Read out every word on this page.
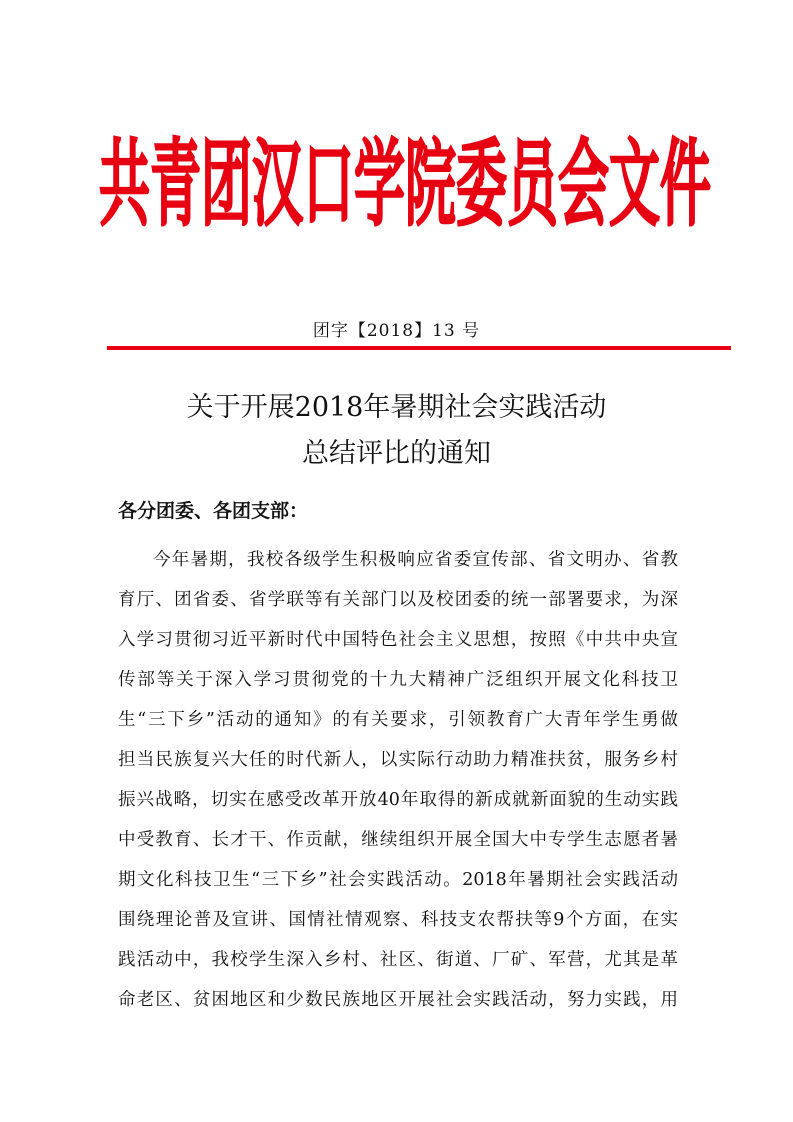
共青团汉口学院委员会文件
团字【2018】13 号
关于开展2018年暑期社会实践活动
总结评比的通知
各分团委、各团支部：
今年暑期，我校各级学生积极响应省委宣传部、省文明办、省教
育厅、团省委、省学联等有关部门以及校团委的统一部署要求，为深
入学习贯彻习近平新时代中国特色社会主义思想，按照《中共中央宣
传部等关于深入学习贯彻党的十九大精神广泛组织开展文化科技卫
生“三下乡”活动的通知》的有关要求，引领教育广大青年学生勇做
担当民族复兴大任的时代新人，以实际行动助力精准扶贫，服务乡村
振兴战略，切实在感受改革开放40年取得的新成就新面貌的生动实践
中受教育、长才干、作贡献，继续组织开展全国大中专学生志愿者暑
期文化科技卫生“三下乡”社会实践活动。2018年暑期社会实践活动
围绕理论普及宣讲、国情社情观察、科技支农帮扶等9个方面，在实
践活动中，我校学生深入乡村、社区、街道、厂矿、军营，尤其是革
命老区、贫困地区和少数民族地区开展社会实践活动，努力实践，用
